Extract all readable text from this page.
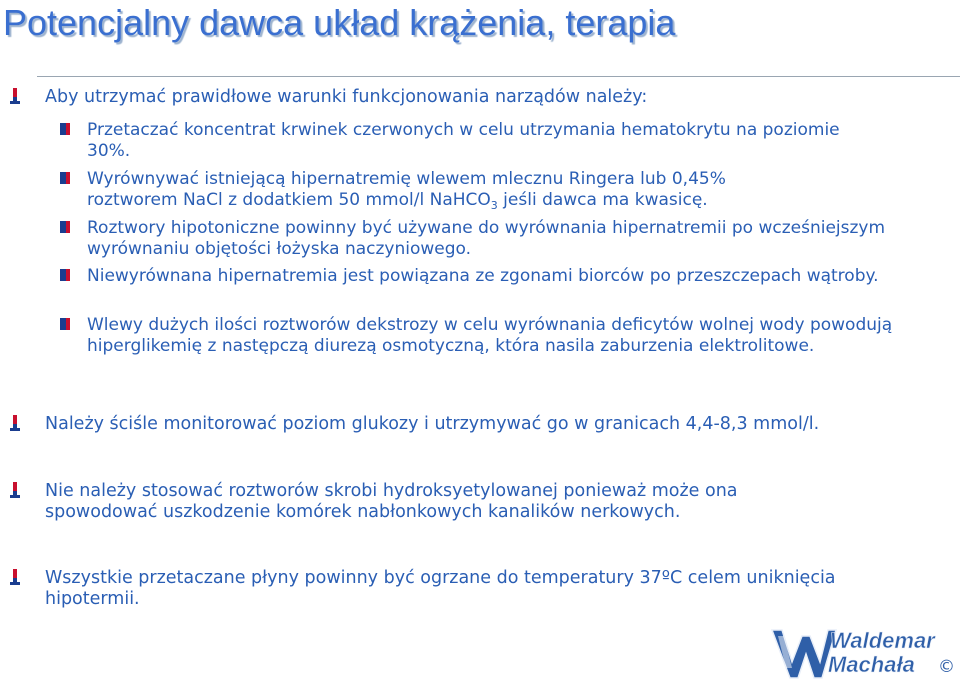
Potencjalny dawca układ krążenia, terapia

Aby utrzymać prawidłowe warunki funkcjonowania narządów należy:

Przetaczać koncentrat krwinek czerwonych w celu utrzymania hematokrytu na poziomie 30%.

Wyrównywać istniejącą hipernatremię wlewem mlecznu Ringera lub 0,45% roztworem NaCl z dodatkiem 50 mmol/l NaHCO$_3$ jeśli dawca ma kwasicę.

Roztwory hipotoniczne powinny być używane do wyrównania hipernatremii po wcześniejszym wyrównaniu objętości łożyska naczyniowego.

Niewyrównana hipernatremia jest powiązana ze zgonami biorców po przeszczepach wątroby.

Wlewy dużych ilości roztworów dekstrozy w celu wyrównania deficytów wolnej wody powodują hiperglikemię z następczą diurezą osmotyczną, która nasila zaburzenia elektrolitowe.

Należy ściśle monitorować poziom glukozy i utrzymywać go w granicach 4,4-8,3 mmol/l.

Nie należy stosować roztworów skrobi hydroksyetylowanej ponieważ może ona spowodować uszkodzenie komórek nabłonkowych kanalików nerkowych.

Wszystkie przetaczane płyny powinny być ogrzane do temperatury 37ºC celem uniknięcia hipotermii.

Waldemar
Machała ©
